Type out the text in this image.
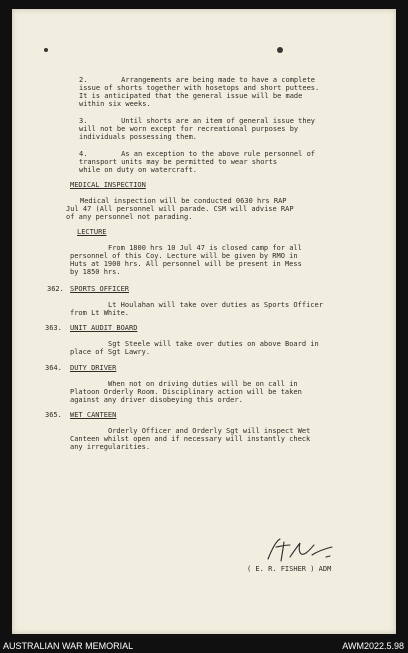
2.        Arrangements are being made to have a complete
issue of shorts together with hosetops and short puttees.
It is anticipated that the general issue will be made
within six weeks.
3.        Until shorts are an item of general issue they
will not be worn except for recreational purposes by
individuals possessing them.
4.        As an exception to the above rule personnel of
transport units may be permitted to wear shorts
while on duty on watercraft.
MEDICAL INSPECTION
Medical inspection will be conducted 0630 hrs RAP
Jul 47 (All personnel will parade. CSM will advise RAP
of any personnel not parading.
LECTURE
From 1800 hrs 10 Jul 47 is closed camp for all
personnel of this Coy. Lecture will be given by RMO in
Huts at 1900 hrs. All personnel will be present in Mess
by 1850 hrs.
362. SPORTS OFFICER
Lt Houlahan will take over duties as Sports Officer
from Lt White.
363. UNIT AUDIT BOARD
Sgt Steele will take over duties on above Board in
place of Sgt Lawry.
364. DUTY DRIVER
When not on driving duties will be on call in
Platoon Orderly Room. Disciplinary action will be taken
against any driver disobeying this order.
365. WET CANTEEN
Orderly Officer and Orderly Sgt will inspect Wet
Canteen whilst open and if necessary will instantly check
any irregularities.
( E. R. FISHER ) ADM
AUSTRALIAN WAR MEMORIAL	AWM2022.5.98
